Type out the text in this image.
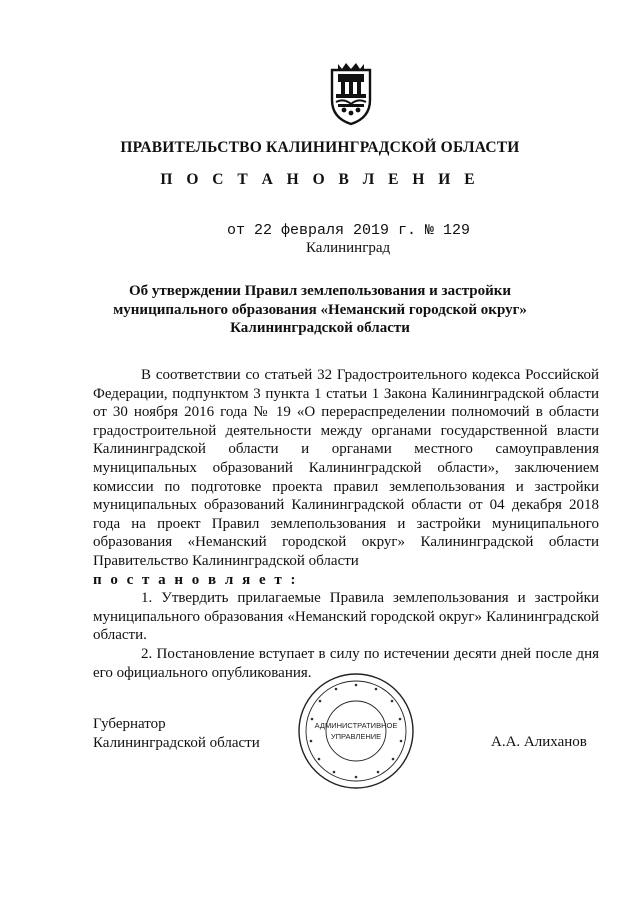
ПРАВИТЕЛЬСТВО КАЛИНИНГРАДСКОЙ ОБЛАСТИ
П О С Т А Н О В Л Е Н И Е
от 22 февраля 2019 г. № 129
Калининград
Об утверждении Правил землепользования и застройки
муниципального образования «Неманский городской округ»
Калининградской области

В соответствии со статьей 32 Градостроительного кодекса Российской Федерации, подпунктом 3 пункта 1 статьи 1 Закона Калининградской области от 30 ноября 2016 года № 19 «О перераспределении полномочий в области градостроительной деятельности между органами государственной власти Калининградской области и органами местного самоуправления муниципальных образований Калининградской области», заключением комиссии по подготовке проекта правил землепользования и застройки муниципальных образований Калининградской области от 04 декабря 2018 года на проект Правил землепользования и застройки муниципального образования «Неманский городской округ» Калининградской области Правительство Калининградской области

п о с т а н о в л я е т :

1. Утвердить прилагаемые Правила землепользования и застройки муниципального образования «Неманский городской округ» Калининградской области.

2. Постановление вступает в силу по истечении десяти дней после дня его официального опубликования.

АДМИНИСТРАТИВНОЕ
УПРАВЛЕНИЕ
Губернатор
Калининградской области	А.А. Алиханов
